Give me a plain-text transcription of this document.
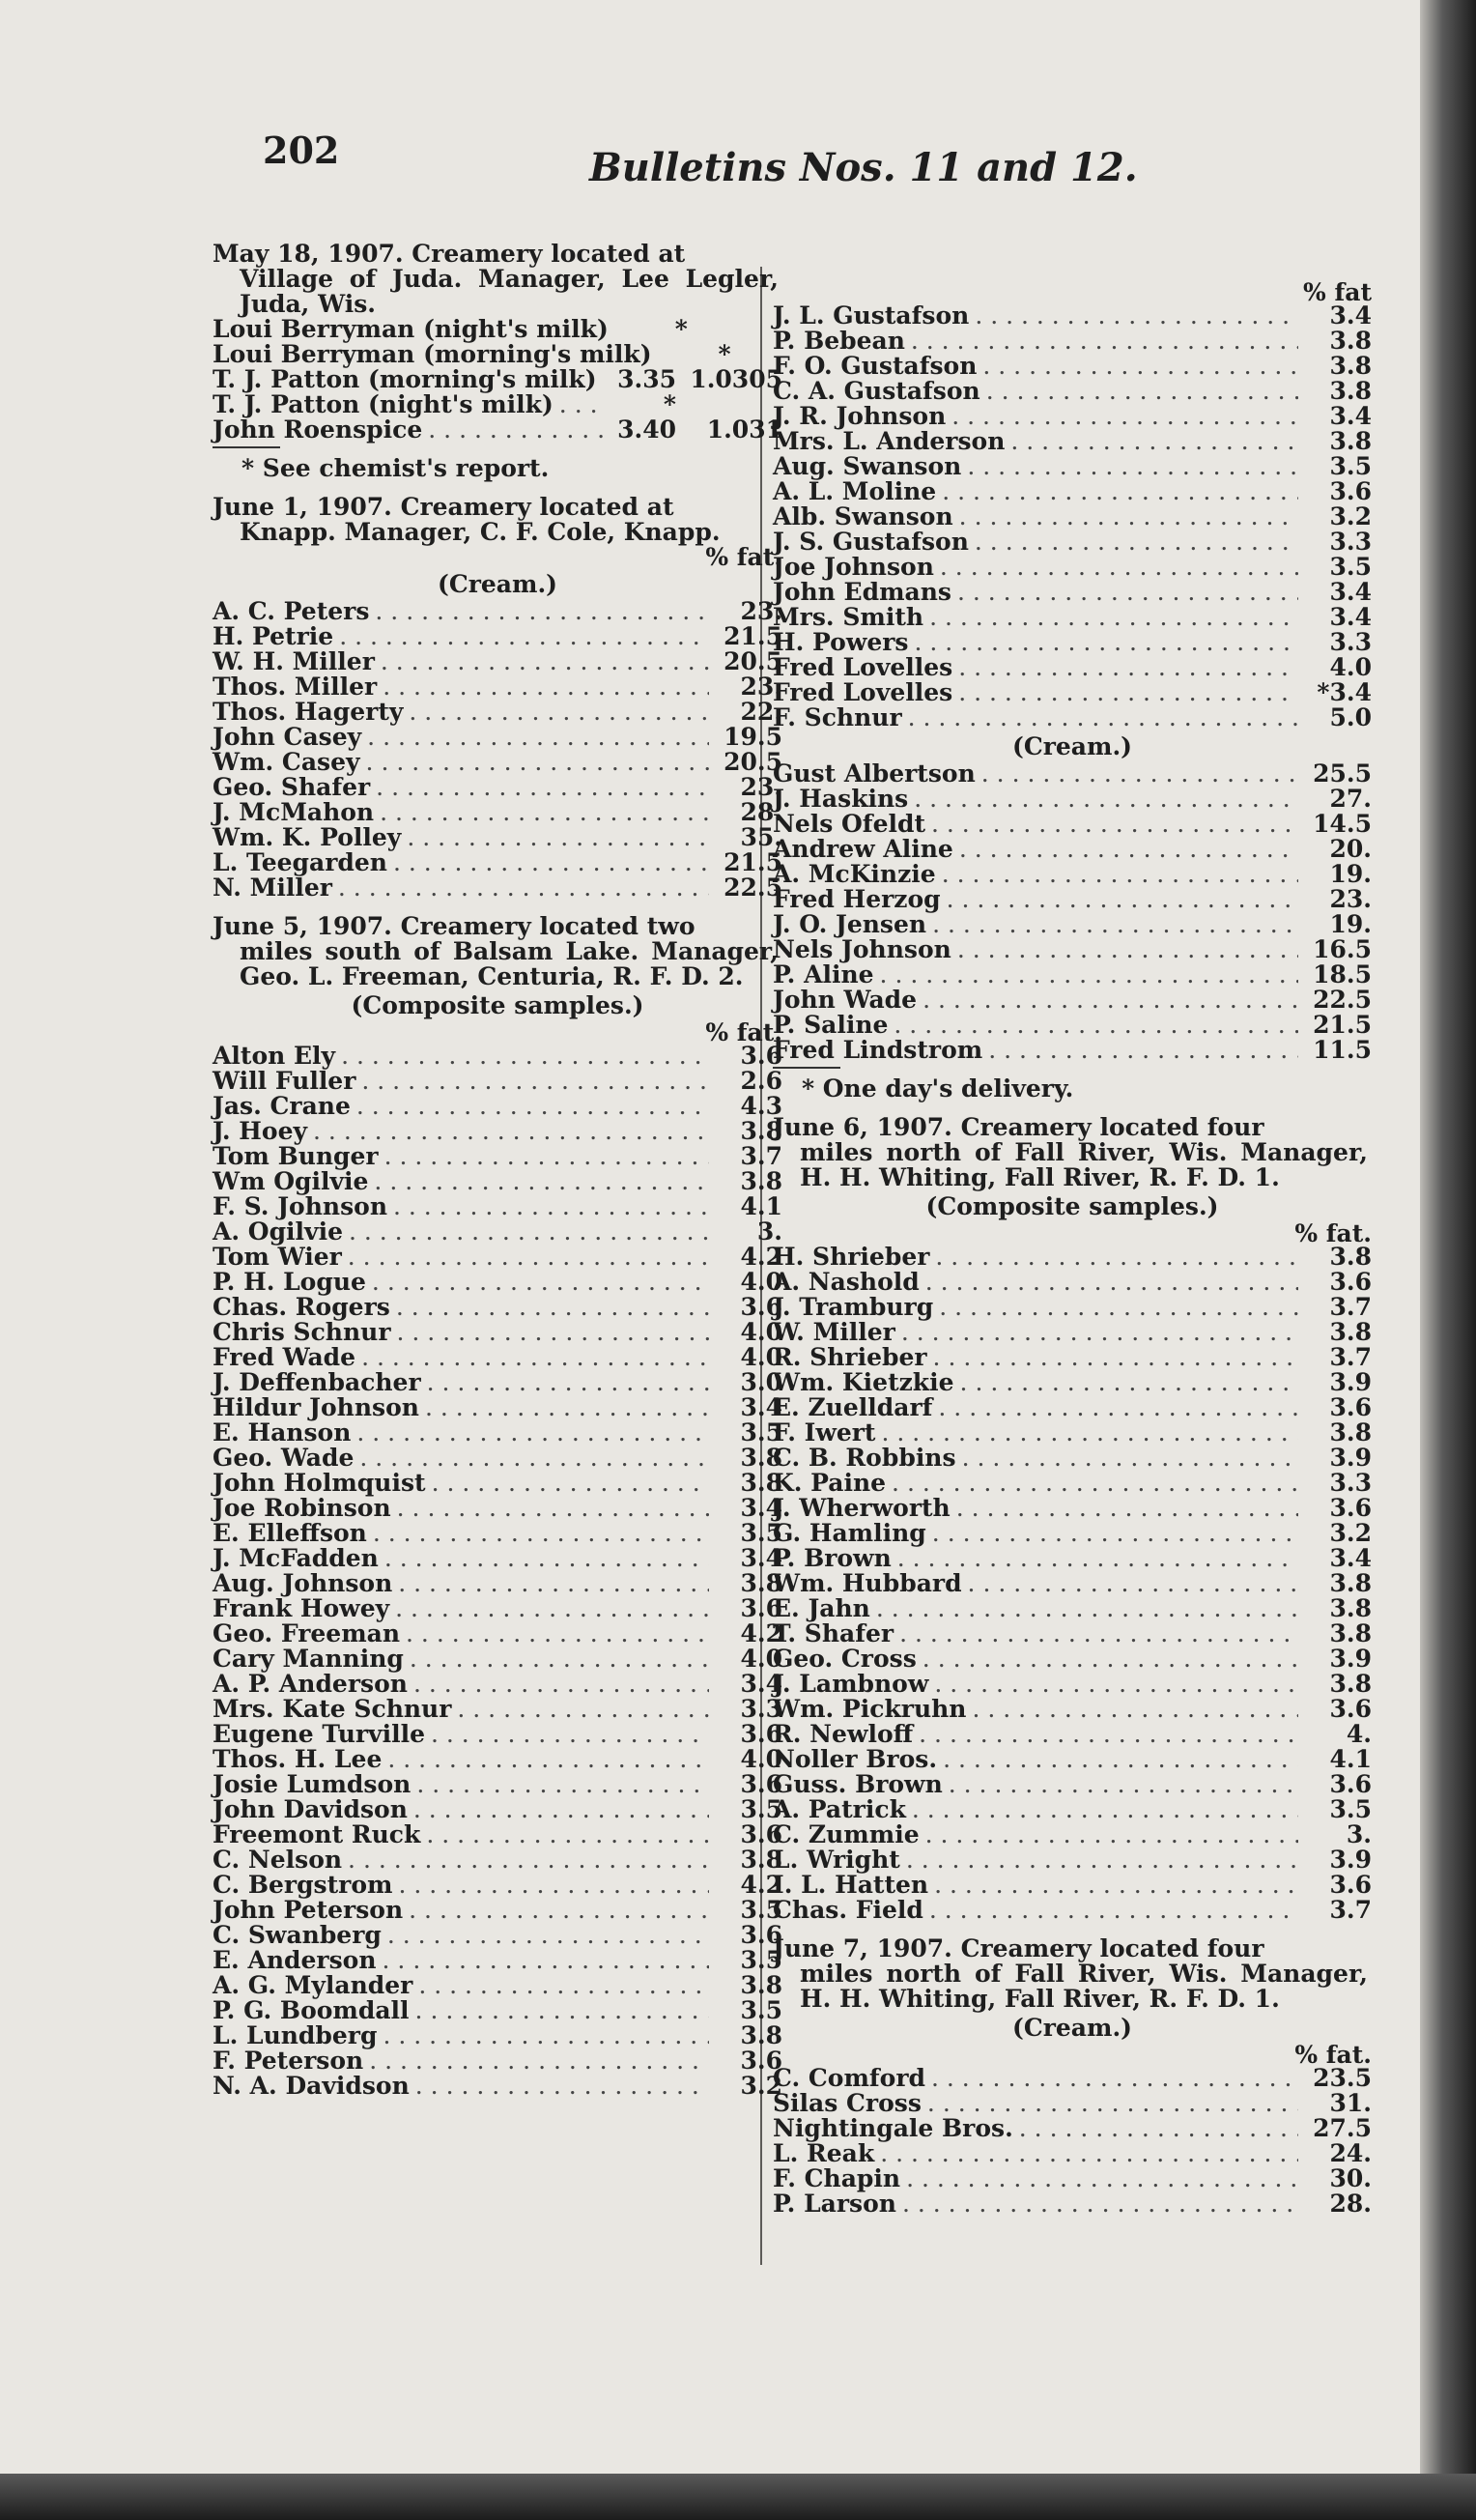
202	Bulletins Nos. 11 and 12.
May 18, 1907. Creamery located at
Village of Juda. Manager, Lee Legler, Juda, Wis.
Loui Berryman (night's milk)	*
Loui Berryman (morning's milk)	*
T. J. Patton (morning's milk) . . . 3.35 1.0305
T. J. Patton (night's milk) . . .	*
John Roenspice . . .	3.40	1.031
* See chemist's report.
June 1, 1907. Creamery located at
Knapp. Manager, C. F. Cole, Knapp.
% fat.
(Cream.)
A. C. Peters . . .	23.
H. Petrie . . .	21.5
W. H. Miller . . .	20.5
Thos. Miller . . .	23.
Thos. Hagerty . . .	22.
John Casey . . .	19.5
Wm. Casey . . .	20.5
Geo. Shafer . . .	23.
J. McMahon . . .	28.
Wm. K. Polley . . .	35.
L. Teegarden . . .	21.5
N. Miller . . .	22.5
June 5, 1907. Creamery located two
miles south of Balsam Lake. Manager, Geo. L. Freeman, Centuria, R. F. D. 2.
(Composite samples.)
% fat.
Alton Ely . . .	3.6
Will Fuller . . .	2.6
Jas. Crane . . .	4.3
J. Hoey . . .	3.8
Tom Bunger . . .	3.7
Wm Ogilvie . . .	3.8
F. S. Johnson . . .	4.1
A. Ogilvie . . .	3.
Tom Wier . . .	4.2
P. H. Logue . . .	4.0
Chas. Rogers . . .	3.6
Chris Schnur . . .	4.0
Fred Wade . . .	4.0
J. Deffenbacher . . .	3.0
Hildur Johnson . . .	3.4
E. Hanson . . .	3.5
Geo. Wade . . .	3.8
John Holmquist . . .	3.8
Joe Robinson . . .	3.4
E. Elleffson . . .	3.5
J. McFadden . . .	3.4
Aug. Johnson . . .	3.8
Frank Howey . . .	3.6
Geo. Freeman . . .	4.2
Cary Manning . . .	4.0
A. P. Anderson . . .	3.4
Mrs. Kate Schnur . . .	3.3
Eugene Turville . . .	3.6
Thos. H. Lee . . .	4.0
Josie Lumdson . . .	3.6
John Davidson . . .	3.5
Freemont Ruck . . .	3.6
C. Nelson . . .	3.8
C. Bergstrom . . .	4.2
John Peterson . . .	3.5
C. Swanberg . . .	3.6
E. Anderson . . .	3.5
A. G. Mylander . . .	3.8
P. G. Boomdall . . .	3.5
L. Lundberg . . .	3.8
F. Peterson . . .	3.6
N. A. Davidson . . .	3.2
% fat
J. L. Gustafson . . .	3.4
P. Bebean . . .	3.8
F. O. Gustafson . . .	3.8
C. A. Gustafson . . .	3.8
J. R. Johnson . . .	3.4
Mrs. L. Anderson . . .	3.8
Aug. Swanson . . .	3.5
A. L. Moline . . .	3.6
Alb. Swanson . . .	3.2
J. S. Gustafson . . .	3.3
Joe Johnson . . .	3.5
John Edmans . . .	3.4
Mrs. Smith . . .	3.4
H. Powers . . .	3.3
Fred Lovelles . . .	4.0
Fred Lovelles . . .	*3.4
F. Schnur . . .	5.0
(Cream.)
Gust Albertson . . .	25.5
J. Haskins . . .	27.
Nels Ofeldt . . .	14.5
Andrew Aline . . .	20.
A. McKinzie . . .	19.
Fred Herzog . . .	23.
J. O. Jensen . . .	19.
Nels Johnson . . .	16.5
P. Aline . . .	18.5
John Wade . . .	22.5
P. Saline . . .	21.5
Fred Lindstrom . . .	11.5
* One day's delivery.
June 6, 1907. Creamery located four
miles north of Fall River, Wis. Manager, H. H. Whiting, Fall River, R. F. D. 1.
(Composite samples.)
% fat.
H. Shrieber . . .	3.8
A. Nashold . . .	3.6
J. Tramburg . . .	3.7
W. Miller . . .	3.8
R. Shrieber . . .	3.7
Wm. Kietzkie . . .	3.9
E. Zuelldarf . . .	3.6
F. Iwert . . .	3.8
C. B. Robbins . . .	3.9
K. Paine . . .	3.3
J. Wherworth . . .	3.6
G. Hamling . . .	3.2
P. Brown . . .	3.4
Wm. Hubbard . . .	3.8
E. Jahn . . .	3.8
T. Shafer . . .	3.8
Geo. Cross . . .	3.9
J. Lambnow . . .	3.8
Wm. Pickruhn . . .	3.6
R. Newloff . . .	4.
Noller Bros. . . .	4.1
Guss. Brown . . .	3.6
A. Patrick . . .	3.5
C. Zummie . . .	3.
L. Wright . . .	3.9
I. L. Hatten . . .	3.6
Chas. Field . . .	3.7
June 7, 1907. Creamery located four
miles north of Fall River, Wis. Manager, H. H. Whiting, Fall River, R. F. D. 1.
(Cream.)
% fat.
C. Comford . . .	23.5
Silas Cross . . .	31.
Nightingale Bros. . . .	27.5
L. Reak . . .	24.
F. Chapin . . .	30.
P. Larson . . .	28.
